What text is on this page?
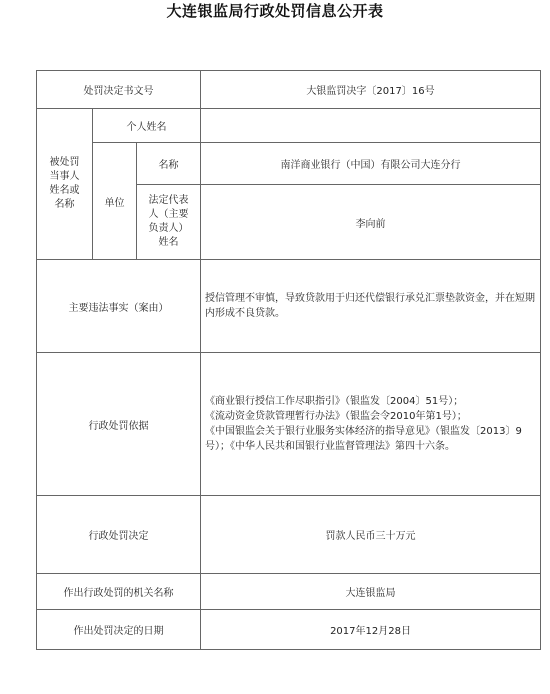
大连银监局行政处罚信息公开表
处罚决定书文号			大银监罚决字〔2017〕16号

被处罚
当事人
姓名或
名称	个人姓名		
	单位	名称	南洋商业银行（中国）有限公司大连分行

		法定代表
人（主要
负责人）
姓名	李向前
主要违法事实（案由）			授信管理不审慎，导致贷款用于归还代偿银行承兑汇票垫款资金，并在短期内形成不良贷款。
行政处罚依据			《商业银行授信工作尽职指引》（银监发〔2004〕51号）；
《流动资金贷款管理暂行办法》（银监会令2010年第1号）；
《中国银监会关于银行业服务实体经济的指导意见》（银监发〔2013〕9号）；《中华人民共和国银行业监督管理法》第四十六条。

行政处罚决定			罚款人民币三十万元
作出行政处罚的机关名称			大连银监局
作出处罚决定的日期			2017年12月28日
